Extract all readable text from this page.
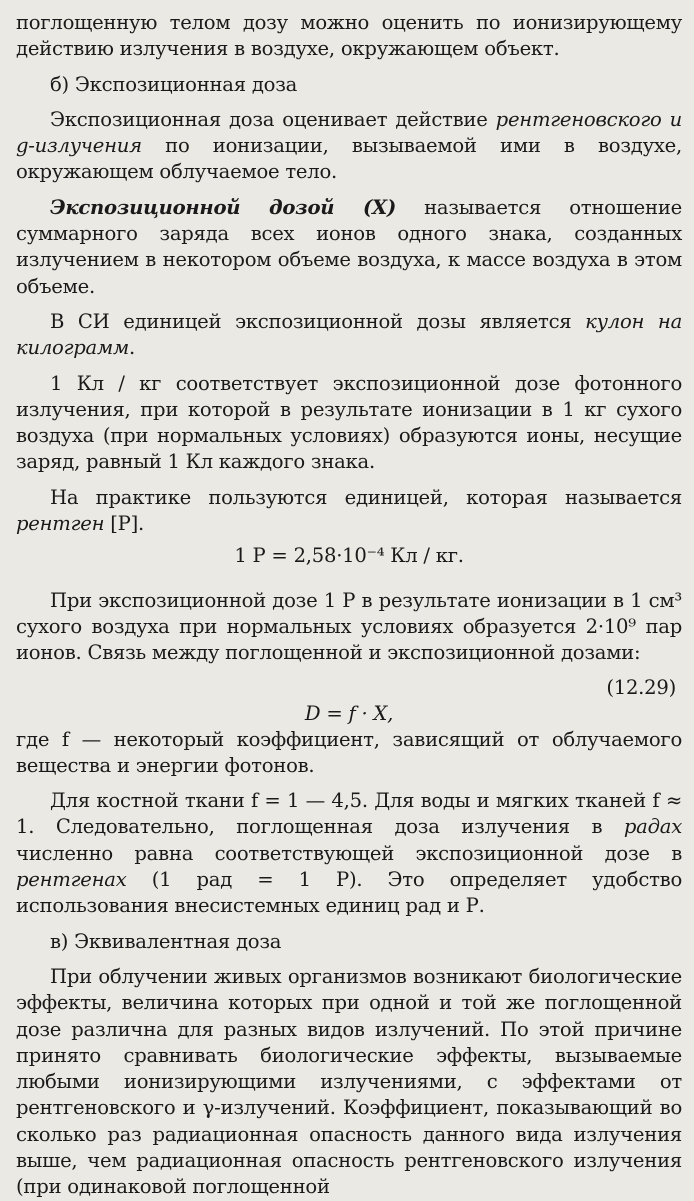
поглощенную телом дозу можно оценить по ионизирующему действию излучения в воздухе, окружающем объект.

б) Экспозиционная доза

Экспозиционная доза оценивает действие рентгеновского и g-излучения по ионизации, вызываемой ими в воздухе, окружающем облучаемое тело.

Экспозиционной дозой (X) называется отношение суммарного заряда всех ионов одного знака, созданных излучением в некотором объеме воздуха, к массе воздуха в этом объеме.

В СИ единицей экспозиционной дозы является кулон на килограмм.

1 Кл / кг соответствует экспозиционной дозе фотонного излучения, при которой в результате ионизации в 1 кг сухого воздуха (при нормальных условиях) образуются ионы, несущие заряд, равный 1 Кл каждого знака.

На практике пользуются единицей, которая называется рентген [Р].

1 Р = 2,58·10⁻⁴ Кл / кг.

При экспозиционной дозе 1 Р в результате ионизации в 1 см³ сухого воздуха при нормальных условиях образуется 2·10⁹ пар ионов. Связь между поглощенной и экспозиционной дозами:

(12.29)
D = f · X,

где f — некоторый коэффициент, зависящий от облучаемого вещества и энергии фотонов.

Для костной ткани f = 1 — 4,5. Для воды и мягких тканей f ≈ 1. Следовательно, поглощенная доза излучения в радах численно равна соответствующей экспозиционной дозе в рентгенах (1 рад = 1 Р). Это определяет удобство использования внесистемных единиц рад и Р.

в) Эквивалентная доза

При облучении живых организмов возникают биологические эффекты, величина которых при одной и той же поглощенной дозе различна для разных видов излучений. По этой причине принято сравнивать биологические эффекты, вызываемые любыми ионизирующими излучениями, с эффектами от рентгеновского и γ-излучений. Коэффициент, показывающий во сколько раз радиационная опасность данного вида излучения выше, чем радиационная опасность рентгеновского излучения (при одинаковой поглощенной
